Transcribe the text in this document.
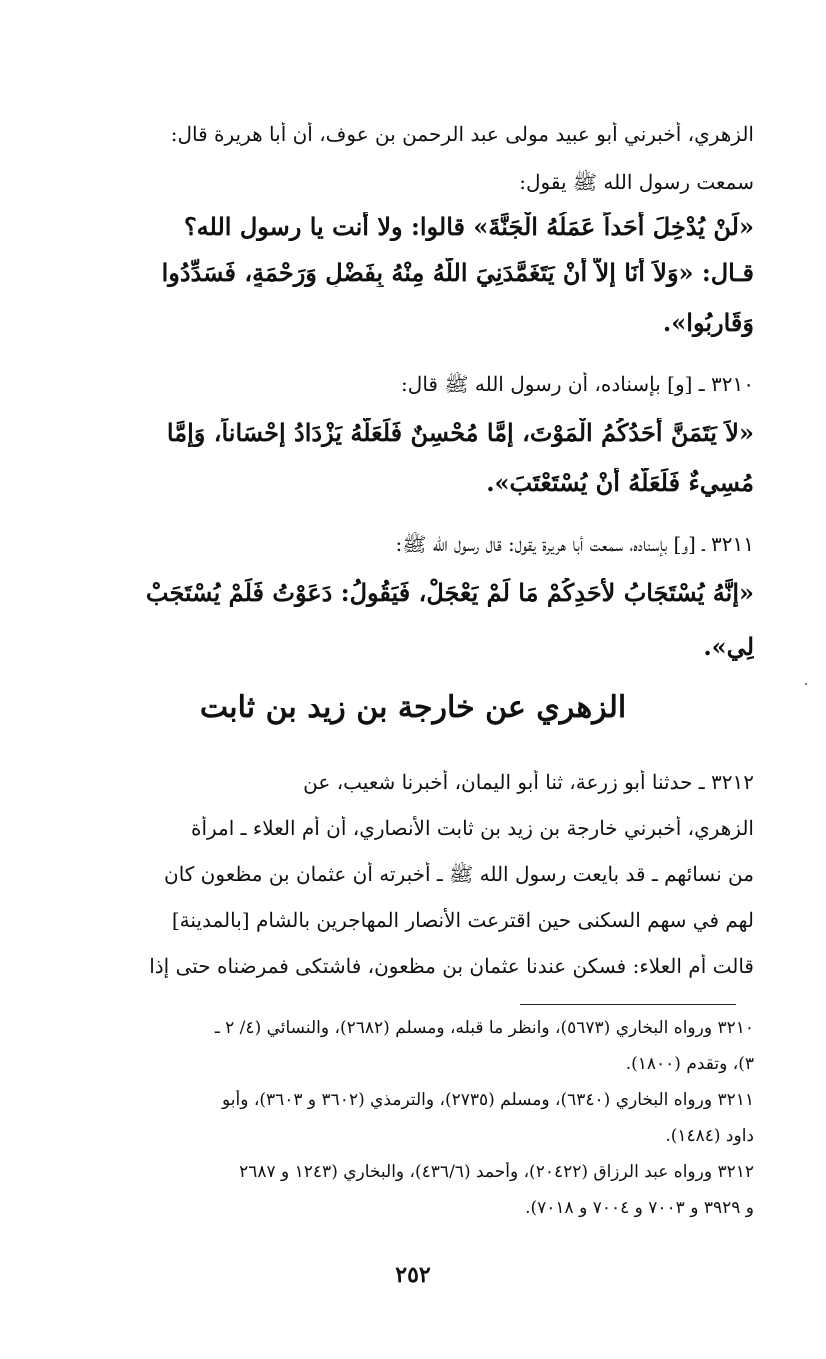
الزهري، أخبرني أبو عبيد مولى عبد الرحمن بن عوف، أن أبا هريرة قال:
سمعت رسول الله ﷺ يقول:
«لَنْ يُدْخِلَ أَحَداً عَمَلُهُ الْجَنَّةَ» قالوا: ولا أنت يا رسول الله؟
قـال: «وَلاَ أَنَا إِلاَّ أَنْ يَتَغَمَّدَنِيَ اللَّهُ مِنْهُ بِفَضْلٍ وَرَحْمَةٍ، فَسَدِّدُوا
وَقَارِبُوا».
٣٢١٠ ـ [و] بإسناده، أن رسول الله ﷺ قال:
«لاَ يَتَمَنَّ أَحَدُكُمُ الْمَوْتَ، إِمَّا مُحْسِنٌ فَلَعَلَّهُ يَزْدَادُ إِحْسَاناً، وَإِمَّا
مُسِيءٌ فَلَعَلَّهُ أَنْ يُسْتَعْتَبَ».
٣٢١١ ـ [و] بإسناده، سمعت أبا هريرة يقول: قال رسول الله ﷺ:
«إِنَّهُ يُسْتَجَابُ لأَحَدِكُمْ مَا لَمْ يَعْجَلْ، فَيَقُولُ: دَعَوْتُ فَلَمْ يُسْتَجَبْ
لِي».
الزهري عن خارجة بن زيد بن ثابت
٣٢١٢ ـ حدثنا أبو زرعة، ثنا أبو اليمان، أخبرنا شعيب، عن
الزهري، أخبرني خارجة بن زيد بن ثابت الأنصاري، أن أم العلاء ـ امرأة
من نسائهم ـ قد بايعت رسول الله ﷺ ـ أخبرته أن عثمان بن مظعون كان
لهم في سهم السكنى حين اقترعت الأنصار المهاجرين بالشام [بالمدينة]
قالت أم العلاء: فسكن عندنا عثمان بن مظعون، فاشتكى فمرضناه حتى إذا
٣٢١٠ ورواه البخاري (٥٦٧٣)، وانظر ما قبله، ومسلم (٢٦٨٢)، والنسائي (٤/ ٢ ـ
٣)، وتقدم (١٨٠٠).
٣٢١١ ورواه البخاري (٦٣٤٠)، ومسلم (٢٧٣٥)، والترمذي (٣٦٠٢ و ٣٦٠٣)، وأبو
داود (١٤٨٤).
٣٢١٢ ورواه عبد الرزاق (٢٠٤٢٢)، وأحمد (٤٣٦/٦)، والبخاري (١٢٤٣ و ٢٦٨٧
و ٣٩٢٩ و ٧٠٠٣ و ٧٠٠٤ و ٧٠١٨).
٢٥٢
